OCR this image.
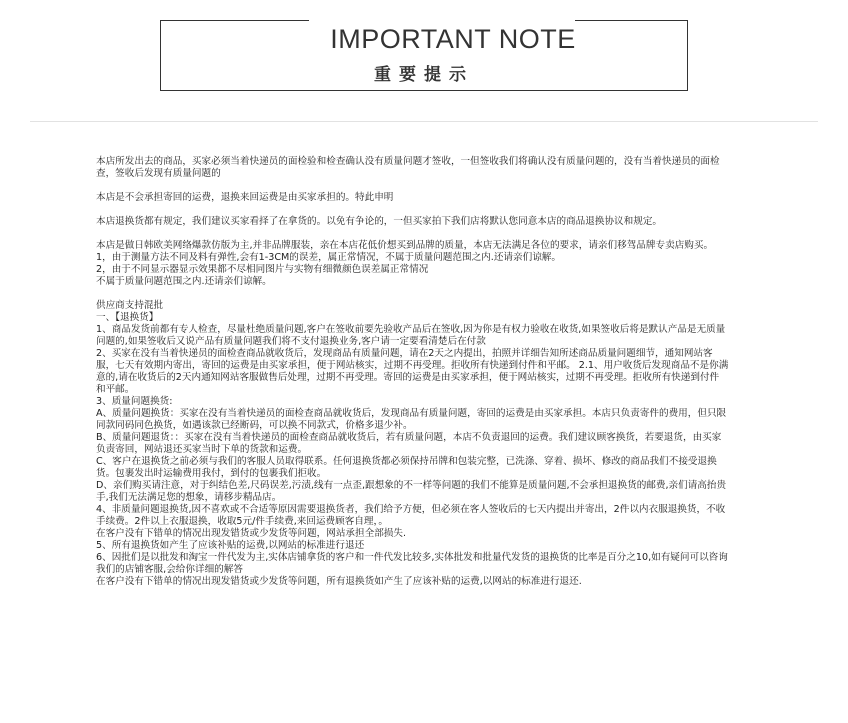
IMPORTANT NOTE
重要提示

本店所发出去的商品，买家必须当着快递员的面检验和检查确认没有质量问题才签收，一但签收我们将确认没有质量问题的，没有当着快递员的面检

查，签收后发现有质量问题的

本店是不会承担寄回的运费，退换来回运费是由买家承担的。特此申明

本店退换货都有规定，我们建议买家看择了在拿货的。以免有争论的，一但买家拍下我们店将默认您同意本店的商品退换协议和规定。

本店是做日韩欧美网络爆款仿版为主,并非品牌服装，亲在本店花低价想买到品牌的质量，本店无法满足各位的要求，请亲们移驾品牌专卖店购买。

1，由于测量方法不同及料有弹性,会有1-3CM的误差，属正常情况，不属于质量问题范围之内.还请亲们谅解。

2，由于不同显示器显示效果都不尽相同图片与实物有细微颜色误差属正常情况

不属于质量问题范围之内.还请亲们谅解。

供应商支持混批

一、【退换货】

1、商品发货前都有专人检查，尽量杜绝质量问题,客户在签收前要先验收产品后在签收,因为你是有权力验收在收货,如果签收后将是默认产品是无质量

问题的,如果签收后又说产品有质量问题我们将不支付退换业务,客户请一定要看清楚后在付款

2、买家在没有当着快递员的面检查商品就收货后，发现商品有质量问题，请在2天之内提出，拍照并详细告知所述商品质量问题细节，通知网站客

服，七天有效期内寄出，寄回的运费是由买家承担，便于网站核实，过期不再受理。拒收所有快递到付件和平邮。 2.1、用户收货后发现商品不是你满

意的,请在收货后的2天内通知网站客服做售后处理，过期不再受理。寄回的运费是由买家承担，便于网站核实，过期不再受理。拒收所有快递到付件

和平邮。

3、质量问题换货:

A、质量问题换货：买家在没有当着快递员的面检查商品就收货后，发现商品有质量问题，寄回的运费是由买家承担。本店只负责寄件的费用，但只限

同款同码同色换货，如遇该款已经断码，可以换不同款式，价格多退少补。

B、质量问题退货：：买家在没有当着快递员的面检查商品就收货后，若有质量问题，本店不负责退回的运费。我们建议顾客换货，若要退货，由买家

负责寄回，网站退还买家当时下单的货款和运费。

C、客户在退换货之前必须与我们的客服人员取得联系。任何退换货都必须保持吊牌和包装完整，已洗涤、穿着、损坏、修改的商品我们不接受退换

货。包裹发出时运输费用我付，到付的包裹我们拒收。

D、亲们购买请注意，对于纠结色差,尺码误差,污渍,线有一点歪,跟想象的不一样等问题的我们不能算是质量问题,不会承担退换货的邮费,亲们请高抬贵

手,我们无法满足您的想象，请移步精品店。

4、非质量问题退换货,因不喜欢或不合适等原因需要退换货者，我们给予方便，但必须在客人签收后的七天内提出并寄出，2件以内衣服退换货，不收

手续费。2件以上衣服退换，收取5元/件手续费,来回运费顾客自理，。

在客户没有下错单的情况出现发错货或少发货等问题，网站承担全部损失.

5、所有退换货如产生了应该补贴的运费,以网站的标准进行退还

6、因批们是以批发和淘宝一件代发为主,实体店铺拿货的客户和一件代发比较多,实体批发和批量代发货的退换货的比率是百分之10,如有疑问可以咨询

我们的店铺客服,会给你详细的解答

在客户没有下错单的情况出现发错货或少发货等问题，所有退换货如产生了应该补贴的运费,以网站的标准进行退还.
